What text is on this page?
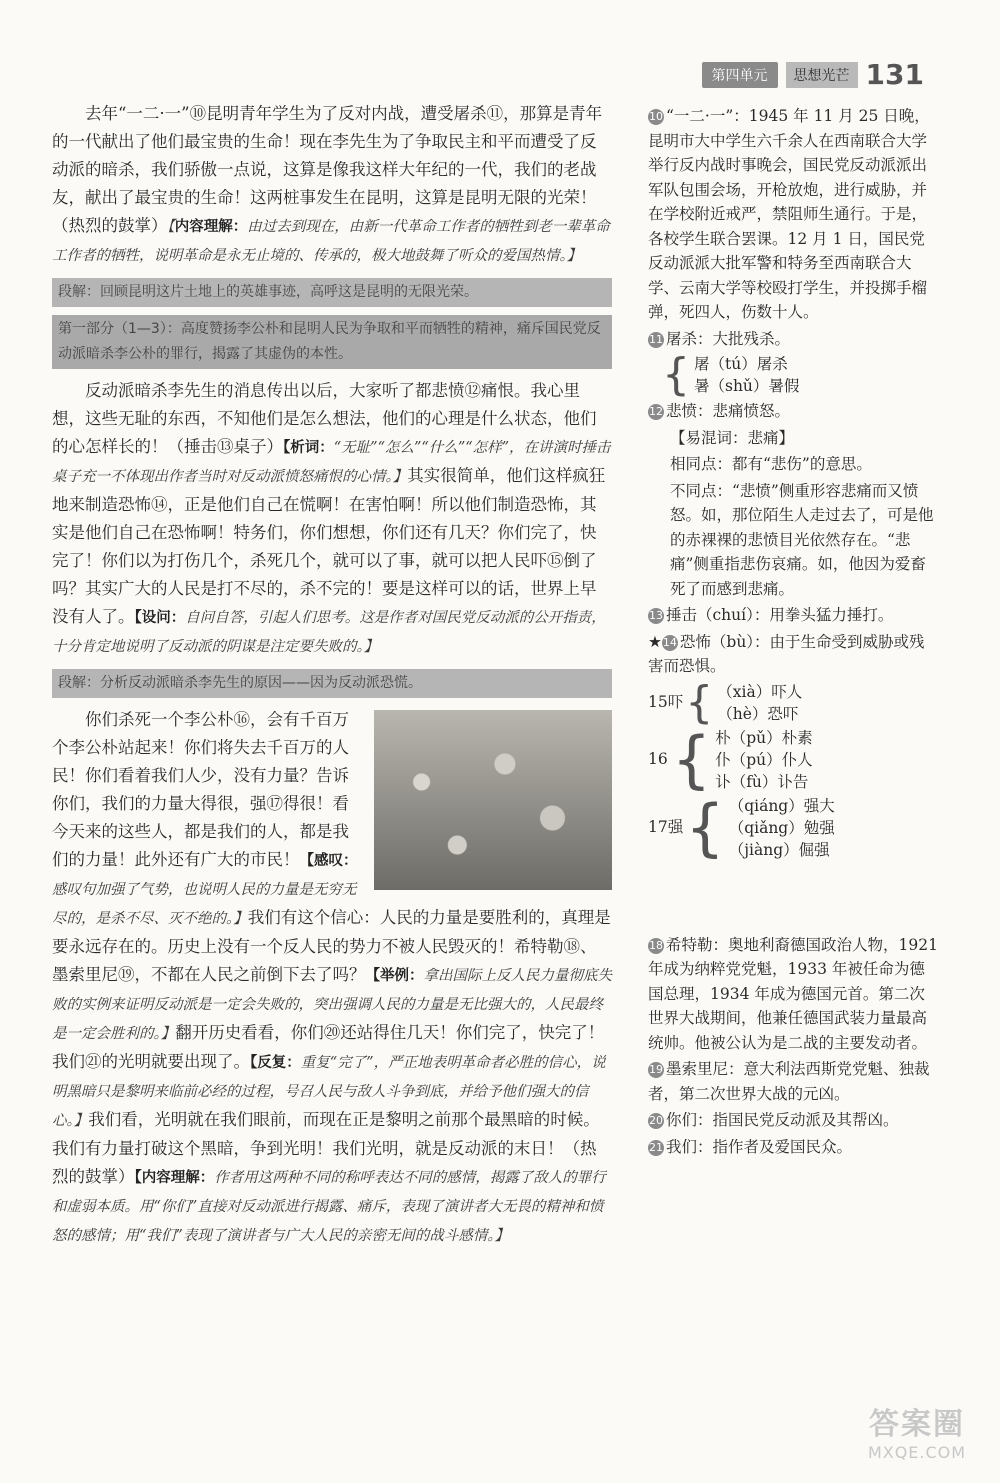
第四单元	思想光芒 131

去年“一二·一”⑩昆明青年学生为了反对内战，遭受屠杀⑪，那算是青年的一代献出了他们最宝贵的生命！现在李先生为了争取民主和平而遭受了反动派的暗杀，我们骄傲一点说，这算是像我这样大年纪的一代，我们的老战友，献出了最宝贵的生命！这两桩事发生在昆明，这算是昆明无限的光荣！（热烈的鼓掌）【内容理解：由过去到现在，由新一代革命工作者的牺牲到老一辈革命工作者的牺牲，说明革命是永无止境的、传承的，极大地鼓舞了听众的爱国热情。】

段解：回顾昆明这片土地上的英雄事迹，高呼这是昆明的无限光荣。
第一部分（1—3）：高度赞扬李公朴和昆明人民为争取和平而牺牲的精神，痛斥国民党反动派暗杀李公朴的罪行，揭露了其虚伪的本性。

反动派暗杀李先生的消息传出以后，大家听了都悲愤⑫痛恨。我心里想，这些无耻的东西，不知他们是怎么想法，他们的心理是什么状态，他们的心怎样长的！（捶击⑬桌子）【析词：“无耻”“怎么”“什么”“怎样”，在讲演时捶击桌子充一不体现出作者当时对反动派愤怒痛恨的心情。】其实很简单，他们这样疯狂地来制造恐怖⑭，正是他们自己在慌啊！在害怕啊！所以他们制造恐怖，其实是他们自己在恐怖啊！特务们，你们想想，你们还有几天？你们完了，快完了！你们以为打伤几个，杀死几个，就可以了事，就可以把人民吓⑮倒了吗？其实广大的人民是打不尽的，杀不完的！要是这样可以的话，世界上早没有人了。【设问：自问自答，引起人们思考。这是作者对国民党反动派的公开指责，十分肯定地说明了反动派的阴谋是注定要失败的。】

段解：分析反动派暗杀李先生的原因——因为反动派恐慌。

你们杀死一个李公朴⑯，会有千百万个李公朴站起来！你们将失去千百万的人民！你们看着我们人少，没有力量？告诉你们，我们的力量大得很，强⑰得很！看今天来的这些人，都是我们的人，都是我们的力量！此外还有广大的市民！【感叹：感叹句加强了气势，也说明人民的力量是无穷无尽的，是杀不尽、灭不绝的。】我们有这个信心：人民的力量是要胜利的，真理是要永远存在的。历史上没有一个反人民的势力不被人民毁灭的！希特勒⑱、墨索里尼⑲，不都在人民之前倒下去了吗？【举例：拿出国际上反人民力量彻底失败的实例来证明反动派是一定会失败的，突出强调人民的力量是无比强大的，人民最终是一定会胜利的。】翻开历史看看，你们⑳还站得住几天！你们完了，快完了！我们㉑的光明就要出现了。【反复：重复“完了”，严正地表明革命者必胜的信心，说明黑暗只是黎明来临前必经的过程，号召人民与敌人斗争到底，并给予他们强大的信心。】我们看，光明就在我们眼前，而现在正是黎明之前那个最黑暗的时候。我们有力量打破这个黑暗，争到光明！我们光明，就是反动派的末日！（热烈的鼓掌）【内容理解：作者用这两种不同的称呼表达不同的感情，揭露了敌人的罪行和虚弱本质。用“你们”直接对反动派进行揭露、痛斥，表现了演讲者大无畏的精神和愤怒的感情；用“我们”表现了演讲者与广大人民的亲密无间的战斗感情。】

10 “一二·一”：1945 年 11 月 25 日晚，昆明市大中学生六千余人在西南联合大学举行反内战时事晚会，国民党反动派派出军队包围会场，开枪放炮，进行威胁，并在学校附近戒严，禁阻师生通行。于是，各校学生联合罢课。12 月 1 日，国民党反动派派大批军警和特务至西南联合大学、云南大学等校殴打学生，并投掷手榴弹，死四人，伤数十人。
11 屠杀：大批残杀。
{ 屠（tú）屠杀
暑（shǔ）暑假
12 悲愤：悲痛愤怒。
【易混词：悲痛】
相同点：都有“悲伤”的意思。
不同点：“悲愤”侧重形容悲痛而又愤怒。如，那位陌生人走过去了，可是他的赤裸裸的悲愤目光依然存在。“悲痛”侧重指悲伤哀痛。如，他因为爱畜死了而感到悲痛。
13 捶击（chuí）：用拳头猛力捶打。
★14 恐怖（bù）：由于生命受到威胁或残害而恐惧。
15 吓 { （xià）吓人
（hè）恐吓
16 { 朴（pǔ）朴素
仆（pú）仆人
讣（fù）讣告
17 强 { （qiáng）强大
（qiǎng）勉强
（jiàng）倔强
18 希特勒：奥地利裔德国政治人物，1921 年成为纳粹党党魁，1933 年被任命为德国总理，1934 年成为德国元首。第二次世界大战期间，他兼任德国武装力量最高统帅。他被公认为是二战的主要发动者。
19 墨索里尼：意大利法西斯党党魁、独裁者，第二次世界大战的元凶。
20 你们：指国民党反动派及其帮凶。
21 我们：指作者及爱国民众。
答案圈
MXQE.COM
